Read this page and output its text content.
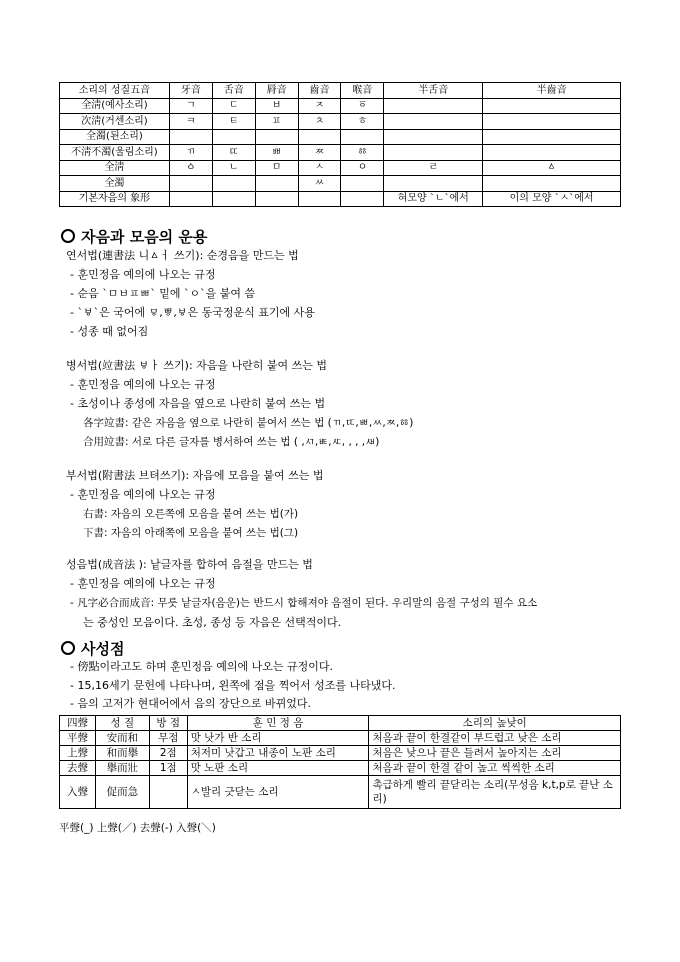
소리의 성질五音	牙音	舌音	脣音	齒音	喉音	半舌音	半齒音
全淸(예사소리)	ㄱ	ㄷ	ㅂ	ㅈ	ㆆ		
次淸(거센소리)	ㅋ	ㅌ	ㅍ	ㅊ	ㅎ		
全濁(된소리)							
不淸不濁(울림소리)	ㄲ	ㄸ	ㅃ	ㅉ	ㆅ		
全淸	ㆁ	ㄴ	ㅁ	ㅅ	ㅇ	ㄹ	ㅿ
全濁				ㅆ			
기본자음의 象形						혀모양 `ㄴ`에서	이의 모양 `ㅅ`에서
자음과 모음의 운용
연서법(連書法 니ㅿㅓ 쓰기): 순경음을 만드는 법
- 훈민정음 예의에 나오는 규정
- 순음 `ㅁㅂㅍㅃ` 밑에 `ㅇ`을 붙여 씀
- `ㅸ`은 국어에 ㅱ,ㅹ,ㅸ은 동국정운식 표기에 사용
- 성종 때 없어짐
병서법(竝書法 ㅸㅏ 쓰기): 자음을 나란히 붙여 쓰는 법
- 훈민정음 예의에 나오는 규정
- 초성이나 종성에 자음을 옆으로 나란히 붙여 쓰는 법
各字竝書: 같은 자음을 옆으로 나란히 붙여서 쓰는 법 (ㄲ,ㄸ,ㅃ,ㅆ,ㅉ,ㆅ)
合用竝書: 서로 다른 글자를 병서하여 쓰는 법 ( ,ㅺ,ㅷ,ㅼ, , , ,ㅽ)
부서법(附書法 브텨쓰기): 자음에 모음을 붙여 쓰는 법
- 훈민정음 예의에 나오는 규정
右書: 자음의 오른쪽에 모음을 붙여 쓰는 법(가)
下書: 자음의 아래쪽에 모음을 붙여 쓰는 법(그)
성음법(成音法 ): 낱글자를 합하여 음절을 만드는 법
- 훈민정음 예의에 나오는 규정
- 凡字必合而成音: 무릇 낱글자(음운)는 반드시 합해져야 음절이 된다. 우리말의 음절 구성의 필수 요소
는 중성인 모음이다. 초성, 종성 등 자음은 선택적이다.
사성점
- 傍點이라고도 하며 훈민정음 예의에 나오는 규정이다.
- 15,16세기 문헌에 나타나며, 왼쪽에 점을 찍어서 성조를 나타냈다.
- 음의 고저가 현대어에서 음의 장단으로 바뀌었다.
四聲	성 질	방 점	훈 민 정 음	소리의 높낮이
平聲	安而和	무점	맛 낫가 반 소리	처음과 끝이 한결같이 부드럽고 낮은 소리
上聲	和而擧	2점	처저미 낫갑고 내종이 노판 소리	처음은 낮으나 끝은 들려서 높아지는 소리
去聲	擧而壯	1점	맛 노판 소리	처음과 끝이 한결 같이 높고 씩씩한 소리
入聲	促而急		ㅅ발리 긋닫는 소리	촉급하게 빨리 끝닫리는 소리(무성음 k,t,p로 끝난 소리)
平聲(_) 上聲(／) 去聲(-) 入聲(＼)
